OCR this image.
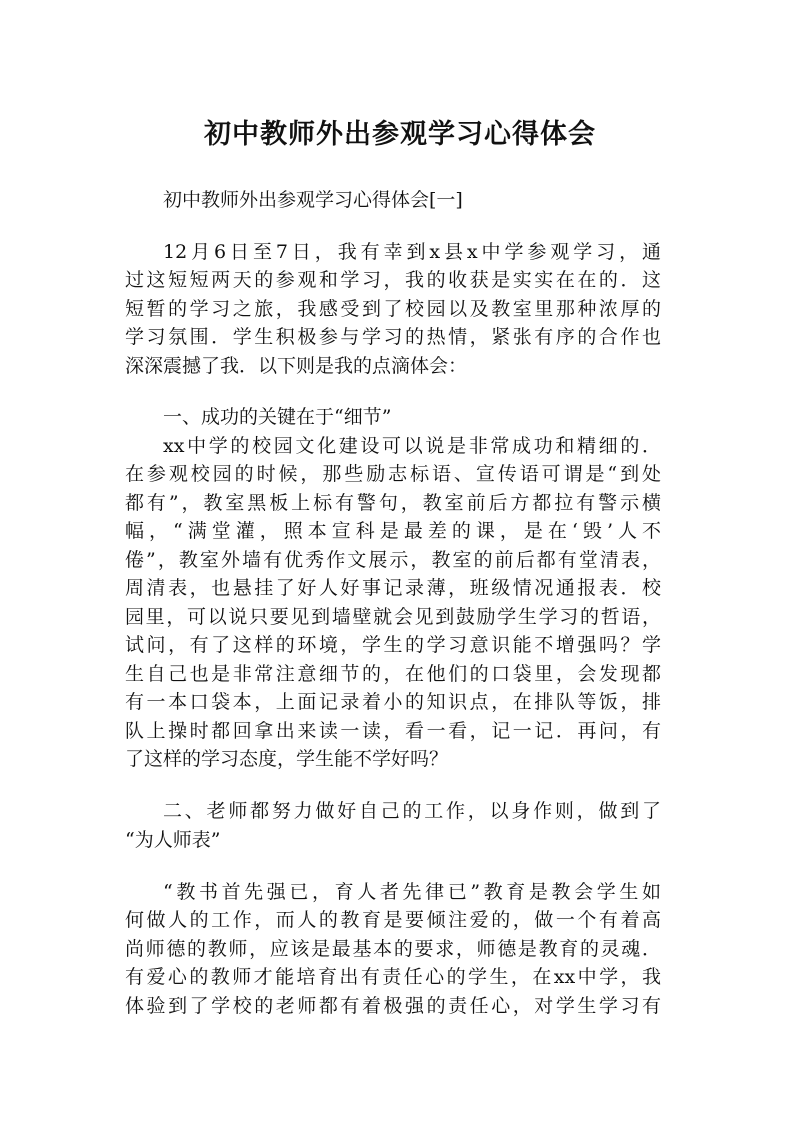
初中教师外出参观学习心得体会

初中教师外出参观学习心得体会[一]

12月6日至7日，我有幸到x县x中学参观学习，通

过这短短两天的参观和学习，我的收获是实实在在的．这

短暂的学习之旅，我感受到了校园以及教室里那种浓厚的

学习氛围．学生积极参与学习的热情，紧张有序的合作也

深深震撼了我．以下则是我的点滴体会：

一、成功的关键在于“细节”

xx中学的校园文化建设可以说是非常成功和精细的．

在参观校园的时候，那些励志标语、宣传语可谓是“到处

都有”，教室黑板上标有警句，教室前后方都拉有警示横

幅，“满堂灌，照本宣科是最差的课，是在‘毁’人不

倦”，教室外墙有优秀作文展示，教室的前后都有堂清表，

周清表，也悬挂了好人好事记录薄，班级情况通报表．校

园里，可以说只要见到墙壁就会见到鼓励学生学习的哲语，

试问，有了这样的环境，学生的学习意识能不增强吗？学

生自己也是非常注意细节的，在他们的口袋里，会发现都

有一本口袋本，上面记录着小的知识点，在排队等饭，排

队上操时都回拿出来读一读，看一看，记一记．再问，有

了这样的学习态度，学生能不学好吗？

二、老师都努力做好自己的工作，以身作则，做到了

“为人师表”

“教书首先强已，育人者先律已”教育是教会学生如

何做人的工作，而人的教育是要倾注爱的，做一个有着高

尚师德的教师，应该是最基本的要求，师德是教育的灵魂．

有爱心的教师才能培育出有责任心的学生，在xx中学，我

体验到了学校的老师都有着极强的责任心，对学生学习有
